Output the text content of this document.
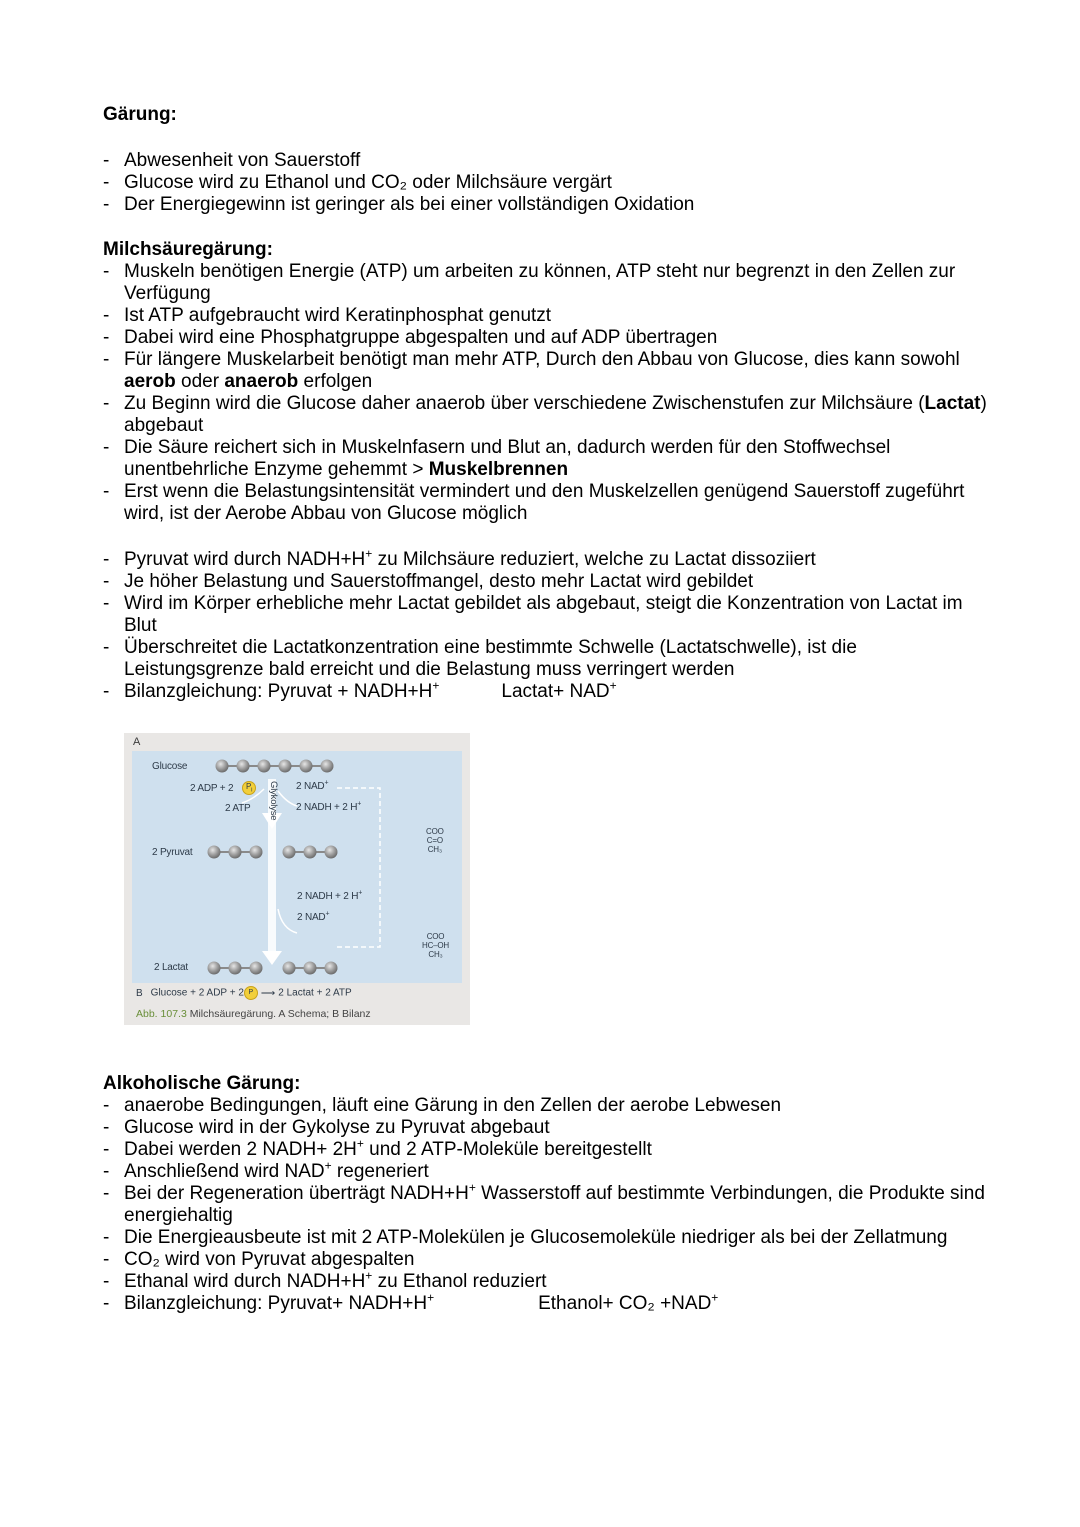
Gärung:
- Abwesenheit von Sauerstoff
- Glucose wird zu Ethanol und CO₂ oder Milchsäure vergärt
- Der Energiegewinn ist geringer als bei einer vollständigen Oxidation
Milchsäuregärung:
- Muskeln benötigen Energie (ATP) um arbeiten zu können, ATP steht nur begrenzt in den Zellen zur Verfügung
- Ist ATP aufgebraucht wird Keratinphosphat genutzt
- Dabei wird eine Phosphatgruppe abgespalten und auf ADP übertragen
- Für längere Muskelarbeit benötigt man mehr ATP, Durch den Abbau von Glucose, dies kann sowohl aerob oder anaerob erfolgen
- Zu Beginn wird die Glucose daher anaerob über verschiedene Zwischenstufen zur Milchsäure (Lactat) abgebaut
- Die Säure reichert sich in Muskelnfasern und Blut an, dadurch werden für den Stoffwechsel unentbehrliche Enzyme gehemmt > Muskelbrennen
- Erst wenn die Belastungsintensität vermindert und den Muskelzellen genügend Sauerstoff zugeführt wird, ist der Aerobe Abbau von Glucose möglich
- Pyruvat wird durch NADH+H+ zu Milchsäure reduziert, welche zu Lactat dissoziiert
- Je höher Belastung und Sauerstoffmangel, desto mehr Lactat wird gebildet
- Wird im Körper erhebliche mehr Lactat gebildet als abgebaut, steigt die Konzentration von Lactat im Blut
- Überschreitet die Lactatkonzentration eine bestimmte Schwelle (Lactatschwelle), ist die Leistungsgrenze bald erreicht und die Belastung muss verringert werden
- Bilanzgleichung: Pyruvat + NADH+H+	Lactat+ NAD+
A
Glucose
2 ADP + 2 $P_i$
2 ATP Glykolyse 2 NAD+
2 NADH + 2 H+
2 Pyruvat
2 NADH + 2 H+
2 NAD+
2 Lactat
COO
C=O
CH₃
COO
HC–OH
CH₃
B Glucose + 2 ADP + 2 P ⟶ 2 Lactat + 2 ATP
Abb. 107.3 Milchsäuregärung. A Schema; B Bilanz
Alkoholische Gärung:
- anaerobe Bedingungen, läuft eine Gärung in den Zellen der aerobe Lebwesen
- Glucose wird in der Gykolyse zu Pyruvat abgebaut
- Dabei werden 2 NADH+ 2H+ und 2 ATP-Moleküle bereitgestellt
- Anschließend wird NAD+ regeneriert
- Bei der Regeneration überträgt NADH+H+ Wasserstoff auf bestimmte Verbindungen, die Produkte sind energiehaltig
- Die Energieausbeute ist mit 2 ATP-Molekülen je Glucosemoleküle niedriger als bei der Zellatmung
- CO₂ wird von Pyruvat abgespalten
- Ethanal wird durch NADH+H+ zu Ethanol reduziert
- Bilanzgleichung: Pyruvat+ NADH+H+	Ethanol+ CO₂ +NAD+
